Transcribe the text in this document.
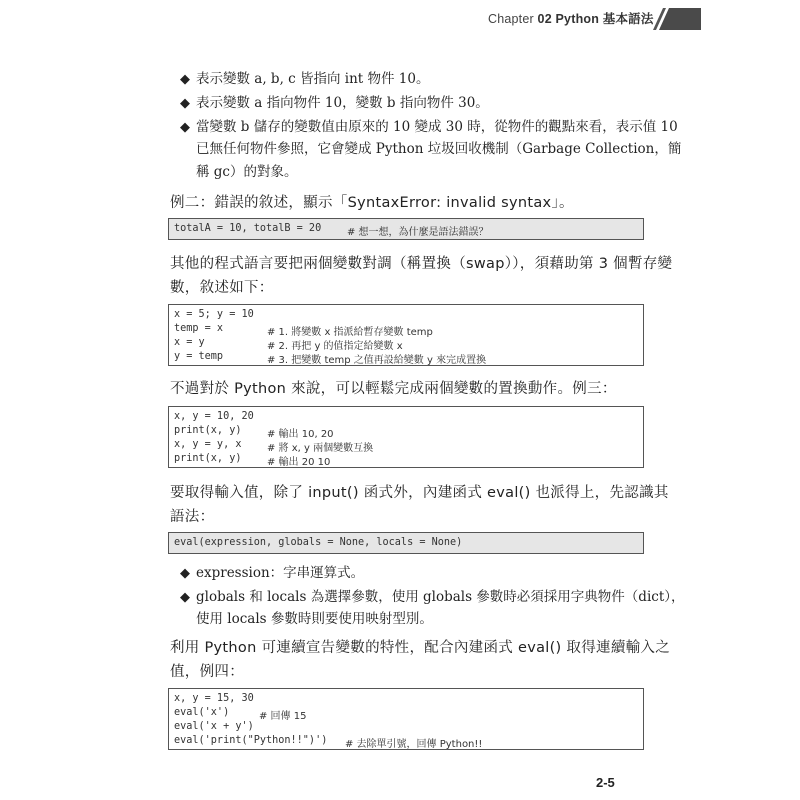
Chapter 02 Python 基本語法
◆ 表示變數 a, b, c 皆指向 int 物件 10。
◆ 表示變數 a 指向物件 10，變數 b 指向物件 30。
◆ 當變數 b 儲存的變數值由原來的 10 變成 30 時，從物件的觀點來看，表示值 10
已無任何物件參照，它會變成 Python 垃圾回收機制（Garbage Collection，簡
稱 gc）的對象。
例二：錯誤的敘述，顯示「SyntaxError: invalid syntax」。
totalA = 10, totalB = 20	# 想一想，為什麼是語法錯誤？
其他的程式語言要把兩個變數對調（稱置換（swap）），須藉助第 3 個暫存變
數，敘述如下：
x = 5; y = 10
temp = x	# 1. 將變數 x 指派給暫存變數 temp
x = y	# 2. 再把 y 的值指定給變數 x
y = temp	# 3. 把變數 temp 之值再設給變數 y 來完成置換
不過對於 Python 來說，可以輕鬆完成兩個變數的置換動作。例三：
x, y = 10, 20
print(x, y)	# 輸出 10, 20
x, y = y, x	# 將 x, y 兩個變數互換
print(x, y)	# 輸出 20 10
要取得輸入值，除了 input() 函式外，內建函式 eval() 也派得上，先認識其
語法：
eval(expression, globals = None, locals = None)
◆ expression：字串運算式。
◆ globals 和 locals 為選擇參數，使用 globals 參數時必須採用字典物件（dict），
使用 locals 參數時則要使用映射型別。
利用 Python 可連續宣告變數的特性，配合內建函式 eval() 取得連續輸入之
值，例四：
x, y = 15, 30
eval('x')	# 回傳 15
eval('x + y')
eval('print("Python!!")') # 去除單引號，回傳 Python!!
2-5
